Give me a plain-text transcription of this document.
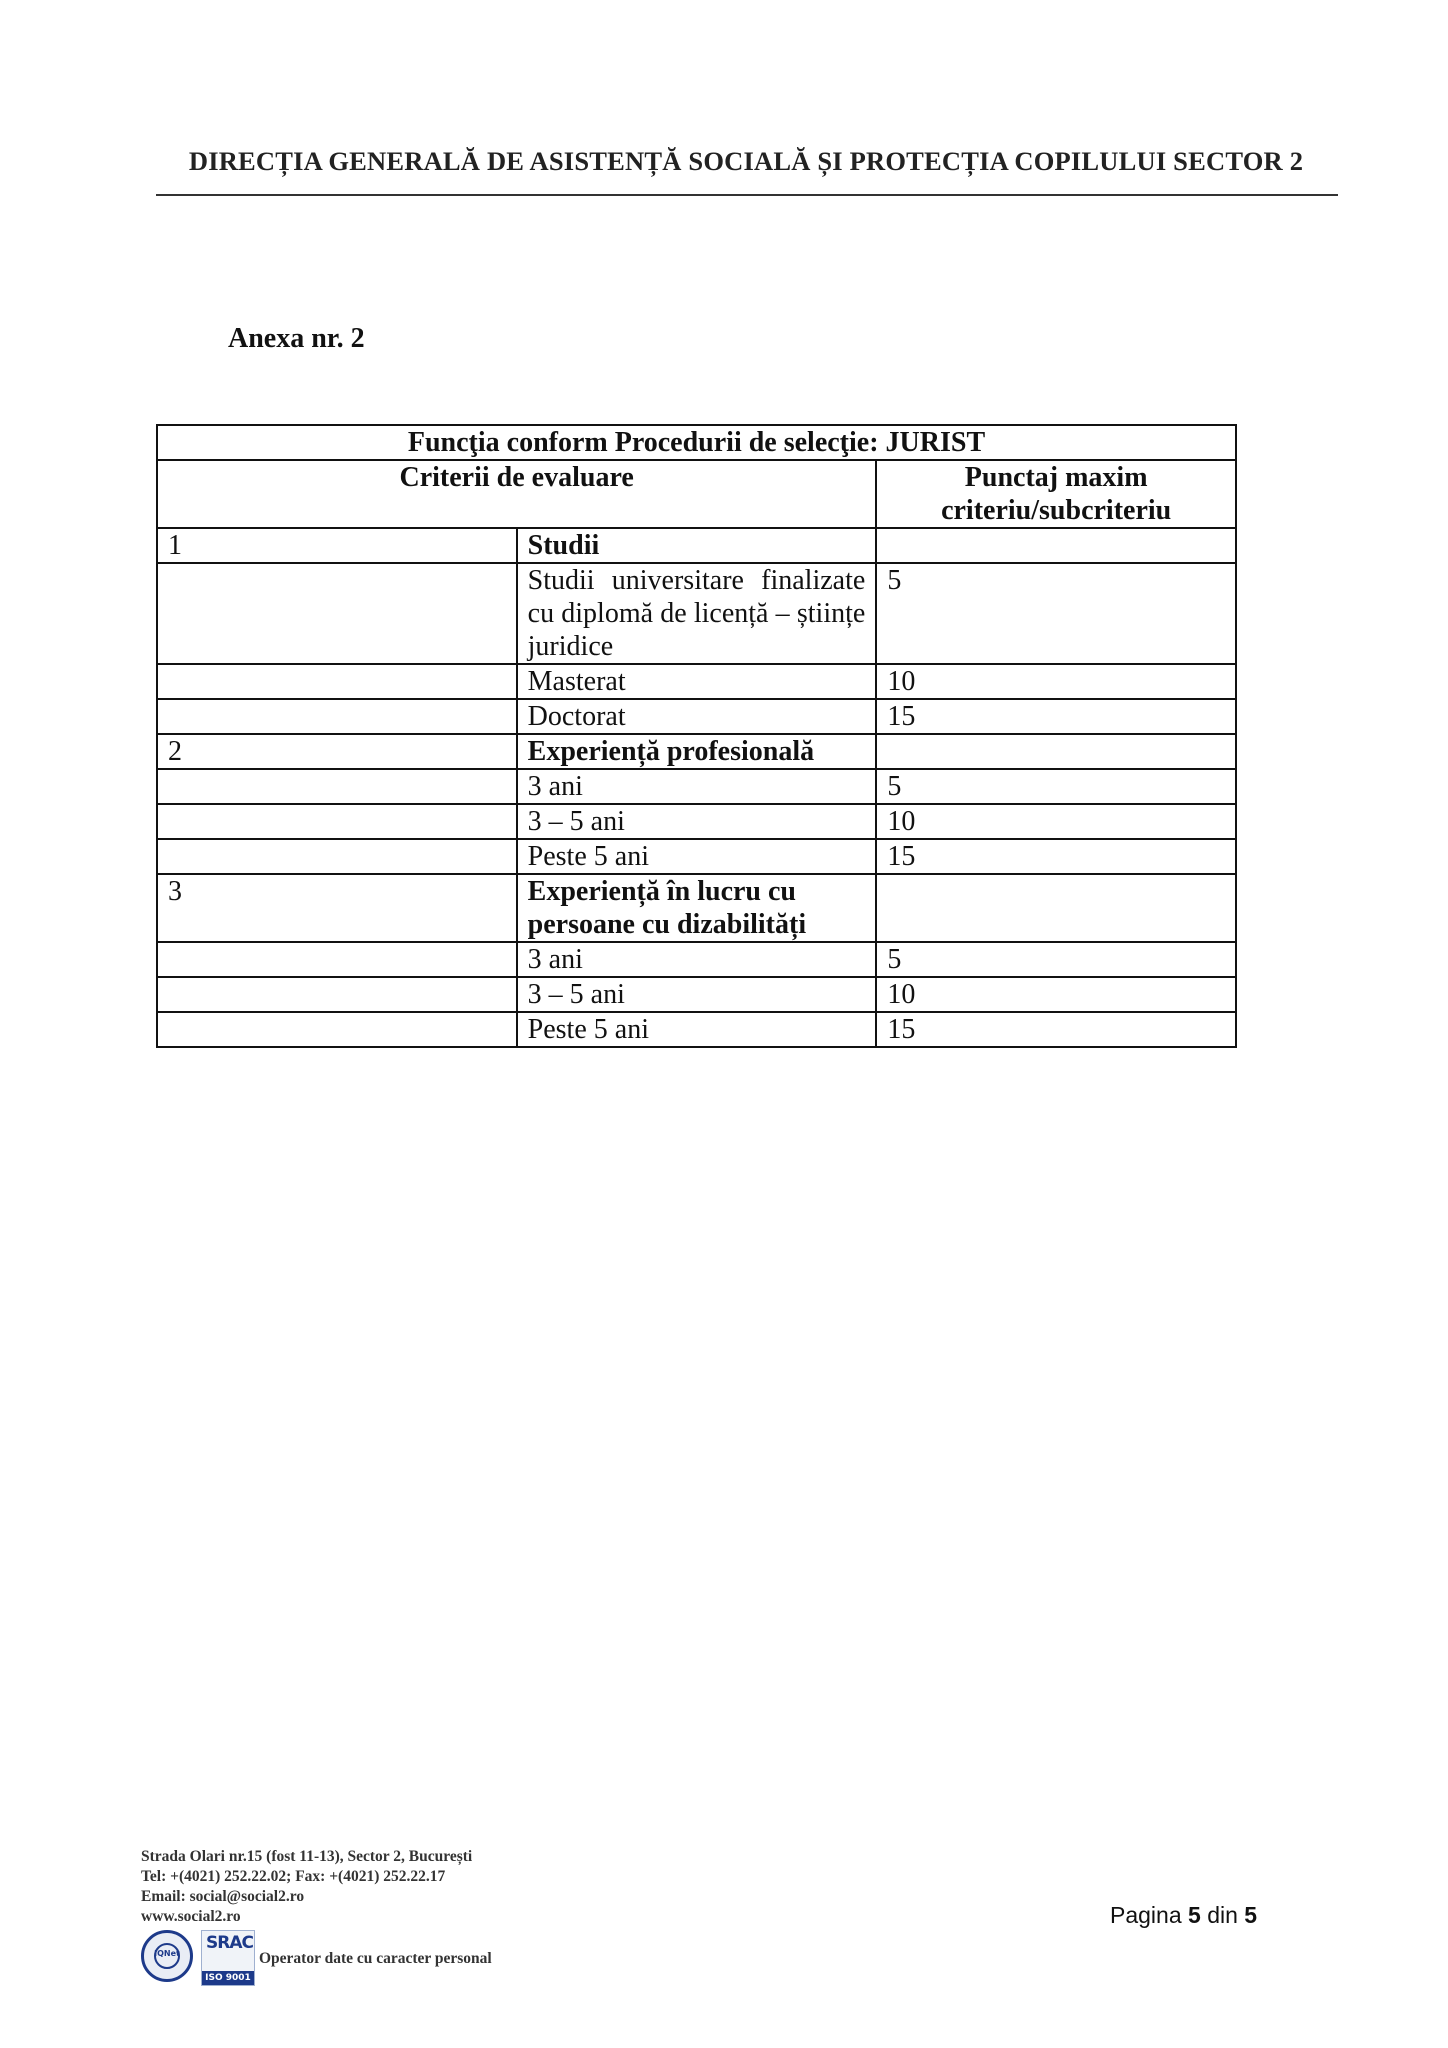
DIRECȚIA GENERALĂ DE ASISTENȚĂ SOCIALĂ ȘI PROTECȚIA COPILULUI SECTOR 2
Anexa nr. 2
Funcţia conform Procedurii de selecţie: JURIST		
Criterii de evaluare		Punctaj maxim criteriu/subcriteriu
1	Studii	
	Studii universitare finalizate cu diplomă de licență – științe juridice	5
	Masterat	10
	Doctorat	15
2	Experiență profesională	
	3 ani	5
	3 – 5 ani	10
	Peste 5 ani	15
3	Experiență în lucru cu persoane cu dizabilități	
	3 ani	5
	3 – 5 ani	10
	Peste 5 ani	15
Strada Olari nr.15 (fost 11-13), Sector 2, București
Tel: +(4021) 252.22.02; Fax: +(4021) 252.22.17
Email: social@social2.ro
www.social2.ro
IQNet
SRAC
ISO 9001
Operator date cu caracter personal
Pagina 5 din 5
